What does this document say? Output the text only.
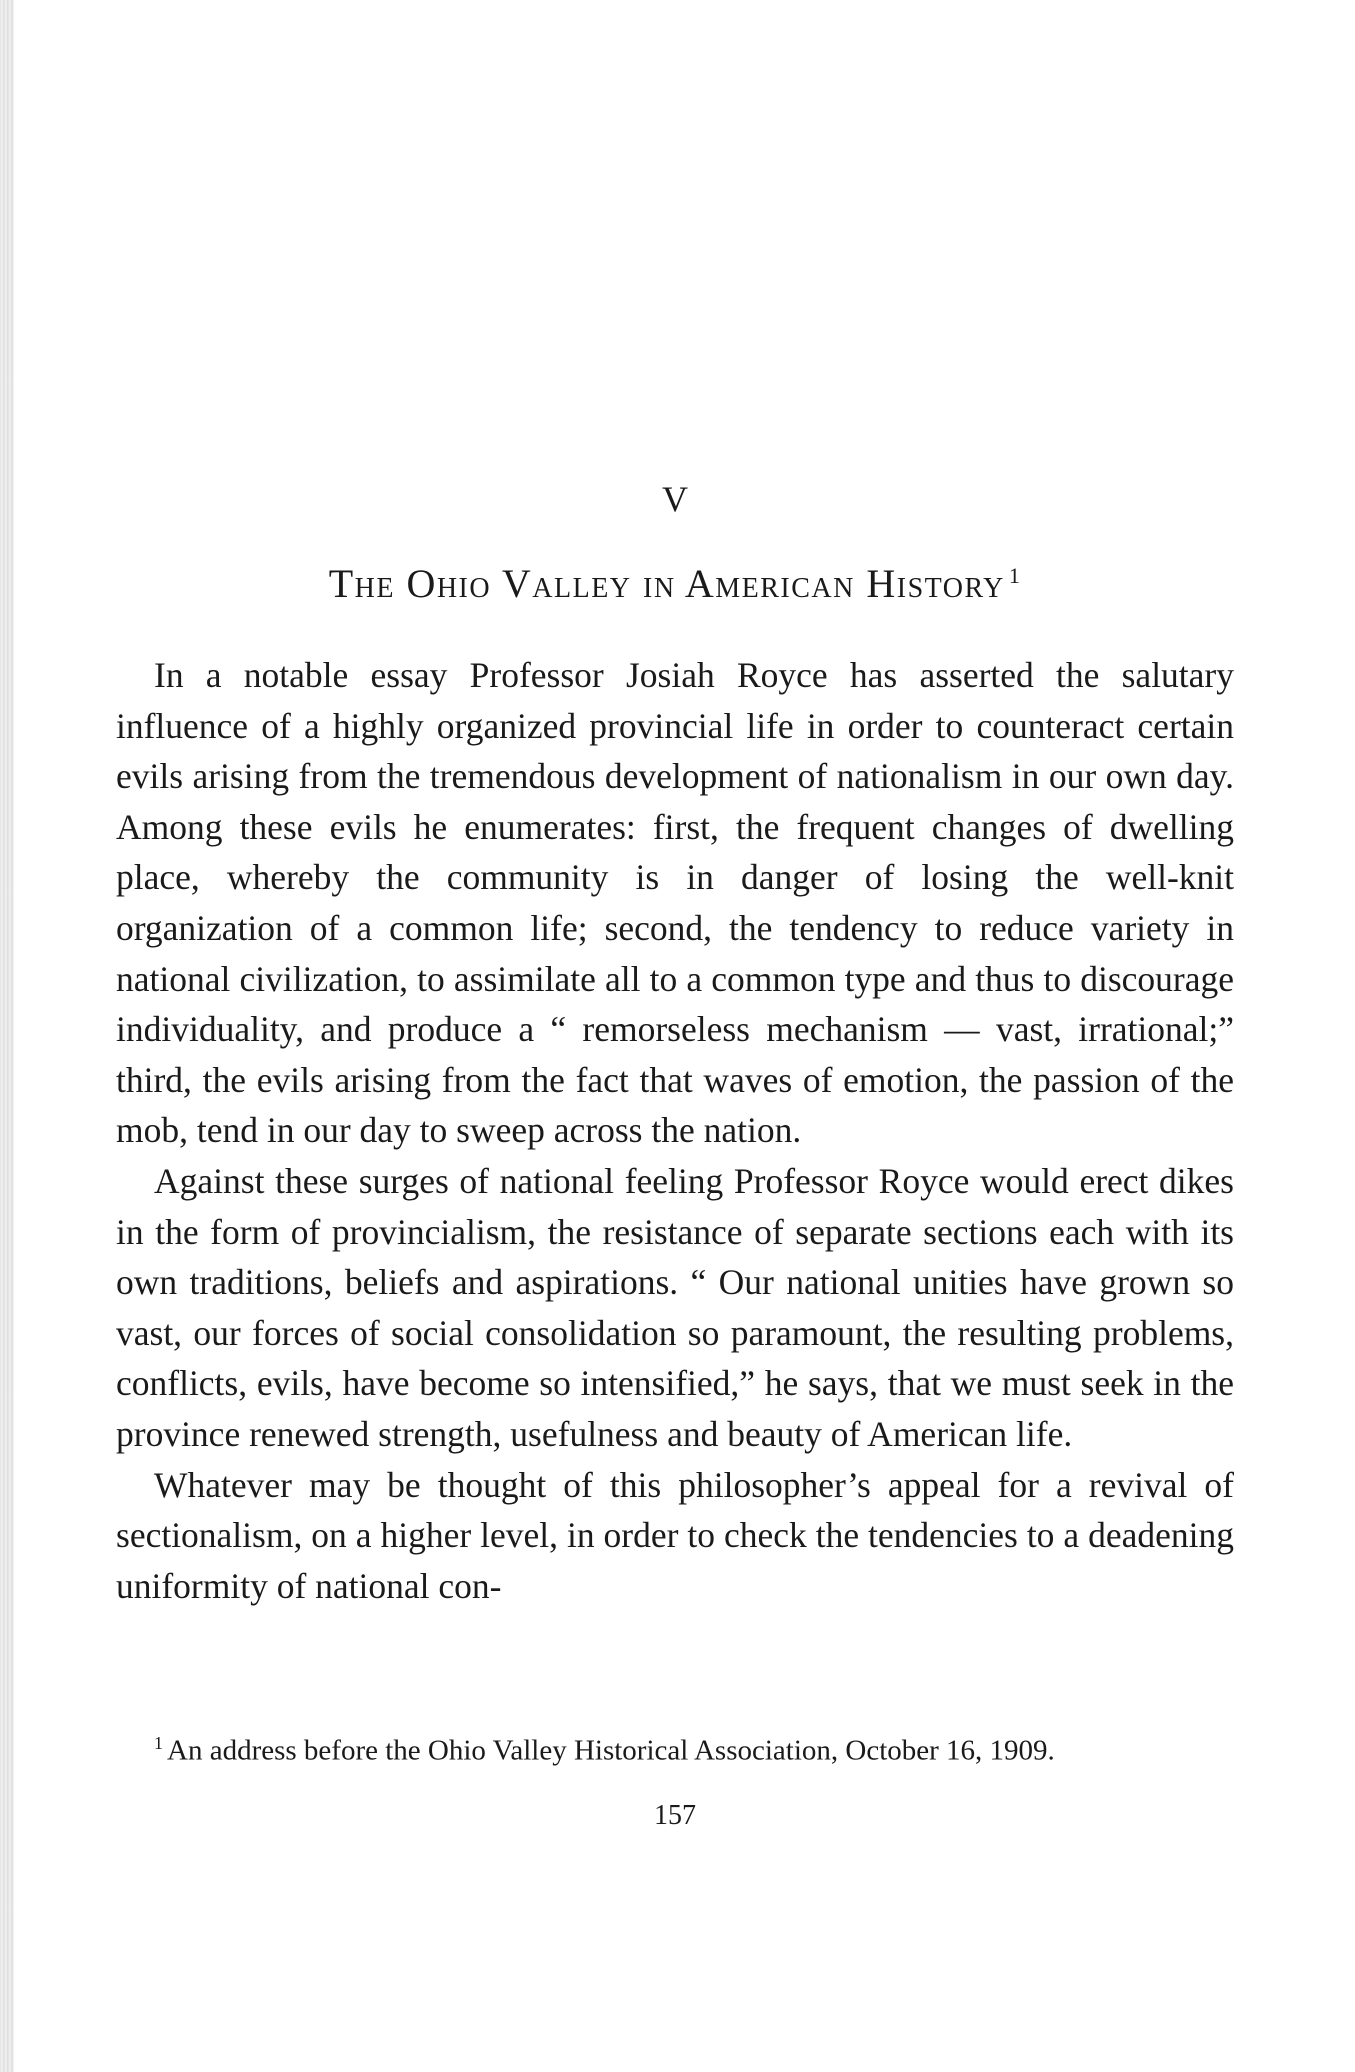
V
The Ohio Valley in American History $^1$

In a notable essay Professor Josiah Royce has asserted the salutary influence of a highly organized provincial life in order to counteract certain evils arising from the tremendous development of nationalism in our own day. Among these evils he enumerates: first, the frequent changes of dwelling place, whereby the community is in danger of losing the well-knit organization of a common life; second, the tendency to reduce variety in national civilization, to assimilate all to a common type and thus to discourage individuality, and produce a “ remorseless mechanism — vast, irrational;” third, the evils arising from the fact that waves of emotion, the passion of the mob, tend in our day to sweep across the nation.

Against these surges of national feeling Professor Royce would erect dikes in the form of provincialism, the resistance of separate sections each with its own traditions, beliefs and aspirations. “ Our national unities have grown so vast, our forces of social consolidation so paramount, the resulting problems, conflicts, evils, have become so intensified,” he says, that we must seek in the province renewed strength, usefulness and beauty of American life.

Whatever may be thought of this philosopher’s appeal for a revival of sectionalism, on a higher level, in order to check the tendencies to a deadening uniformity of national con-

$^1$ An address before the Ohio Valley Historical Association, October 16, 1909.
157
